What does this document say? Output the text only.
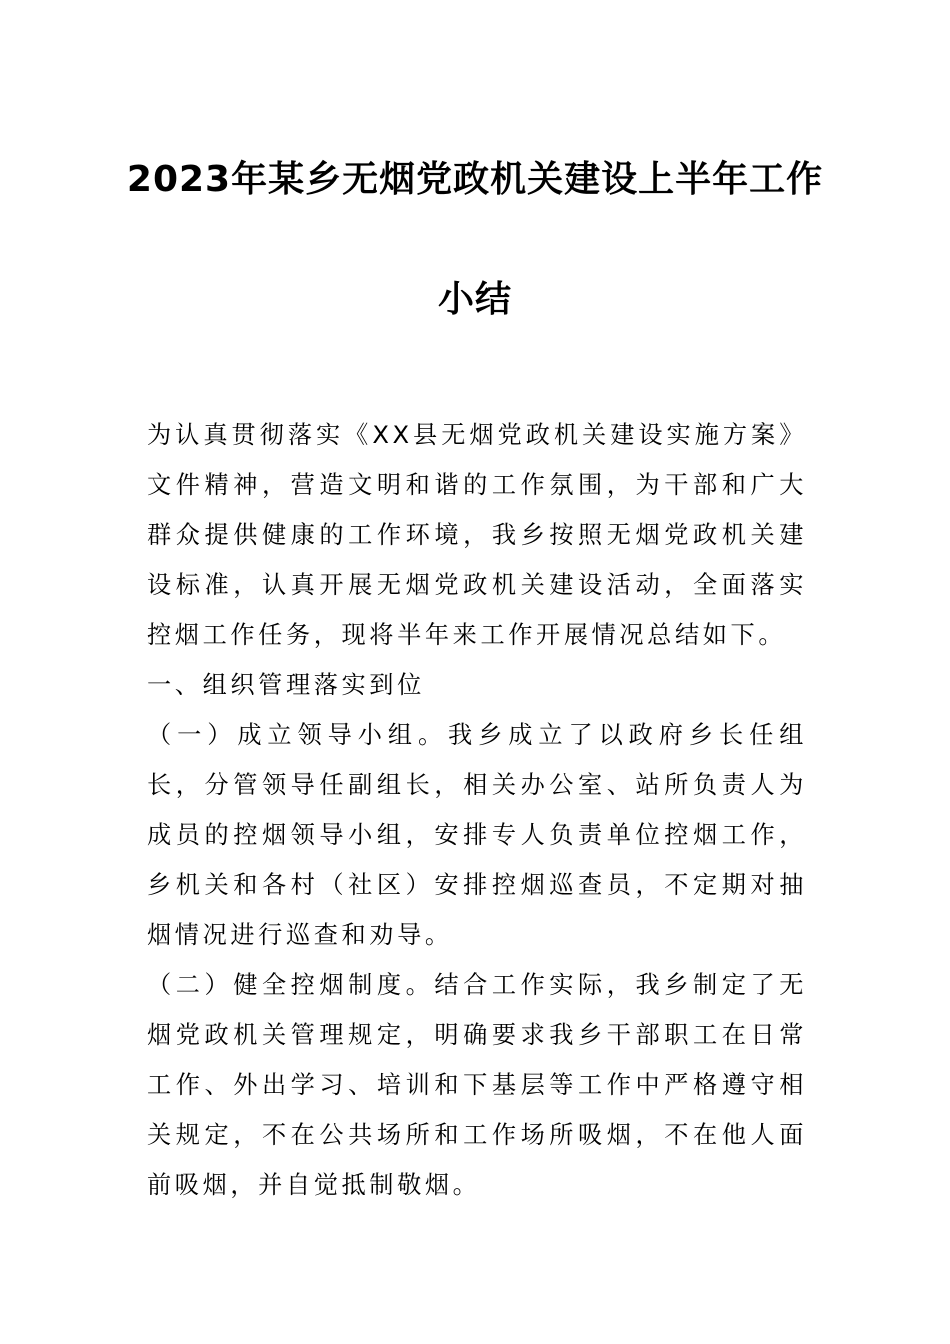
2023年某乡无烟党政机关建设上半年工作
小结

为认真贯彻落实《XX县无烟党政机关建设实施方案》文件精神，营造文明和谐的工作氛围，为干部和广大群众提供健康的工作环境，我乡按照无烟党政机关建设标准，认真开展无烟党政机关建设活动，全面落实控烟工作任务，现将半年来工作开展情况总结如下。

一、组织管理落实到位

（一）成立领导小组。我乡成立了以政府乡长任组长，分管领导任副组长，相关办公室、站所负责人为成员的控烟领导小组，安排专人负责单位控烟工作，乡机关和各村（社区）安排控烟巡查员，不定期对抽烟情况进行巡查和劝导。

（二）健全控烟制度。结合工作实际，我乡制定了无烟党政机关管理规定，明确要求我乡干部职工在日常工作、外出学习、培训和下基层等工作中严格遵守相关规定，不在公共场所和工作场所吸烟，不在他人面前吸烟，并自觉抵制敬烟。
